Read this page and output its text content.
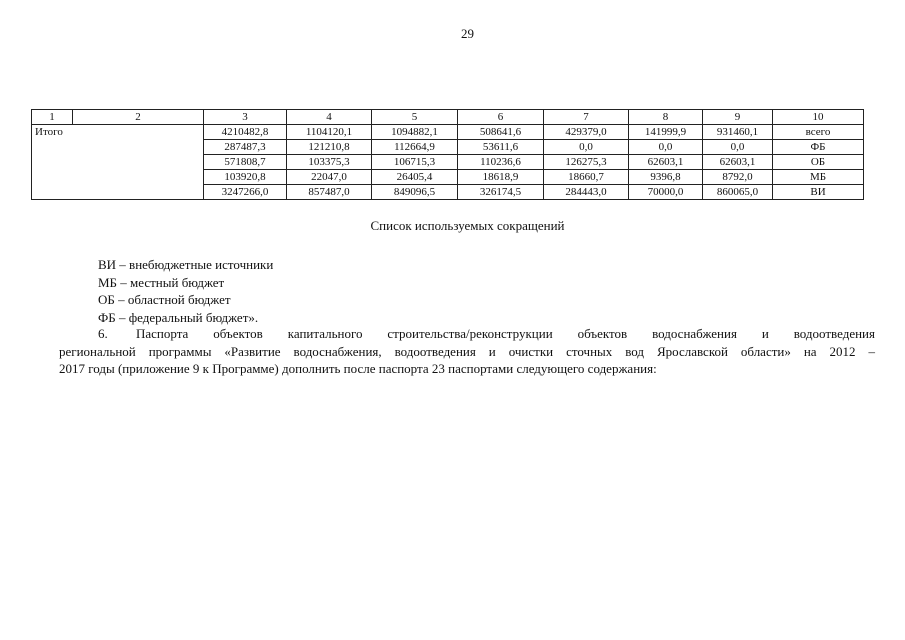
29
1	2	3	4	5	6	7	8	9	10
Итого		4210482,8	1104120,1	1094882,1	508641,6	429379,0	141999,9	931460,1	всего
		287487,3	121210,8	112664,9	53611,6	0,0	0,0	0,0	ФБ
		571808,7	103375,3	106715,3	110236,6	126275,3	62603,1	62603,1	ОБ
		103920,8	22047,0	26405,4	18618,9	18660,7	9396,8	8792,0	МБ
		3247266,0	857487,0	849096,5	326174,5	284443,0	70000,0	860065,0	ВИ
Список используемых сокращений
ВИ – внебюджетные источники
МБ – местный бюджет
ОБ – областной бюджет
ФБ – федеральный бюджет».
6. Паспорта объектов капитального строительства/реконструкции объектов водоснабжения и водоотведения
региональной программы «Развитие водоснабжения, водоотведения и очистки сточных вод Ярославской области» на 2012 –
2017 годы (приложение 9 к Программе) дополнить после паспорта 23 паспортами следующего содержания:
